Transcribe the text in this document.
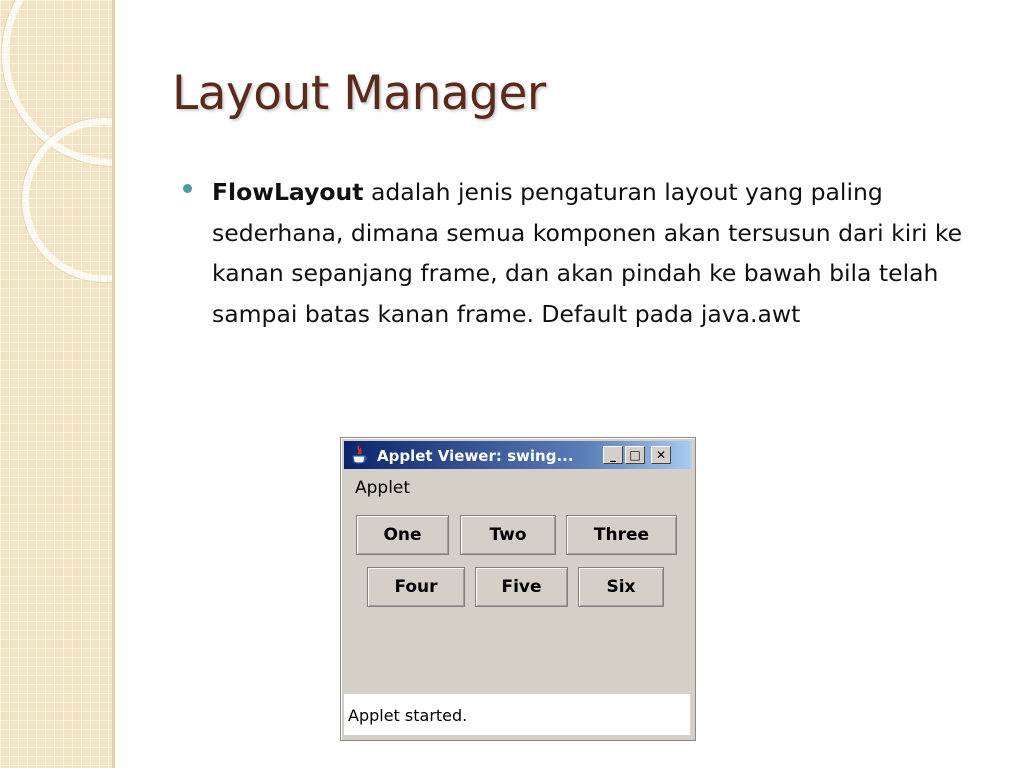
Layout Manager

FlowLayout adalah jenis pengaturan layout yang paling sederhana, dimana semua komponen akan tersusun dari kiri ke kanan sepanjang frame, dan akan pindah ke bawah bila telah sampai batas kanan frame. Default pada java.awt

Applet Viewer: swing...	_	□	✕
Applet
One	Two	Three
Four	Five	Six
Applet started.
